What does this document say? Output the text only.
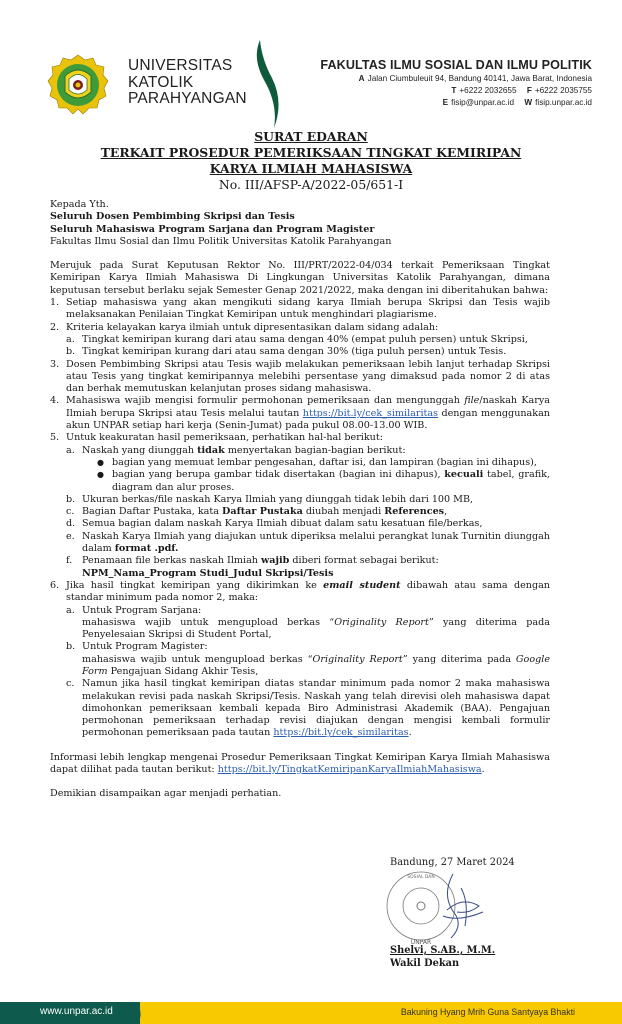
UNIVERSITAS
KATOLIK
PARAHYANGAN
FAKULTAS ILMU SOSIAL DAN ILMU POLITIK
A Jalan Ciumbuleuit 94, Bandung 40141, Jawa Barat, Indonesia
T +6222 2032655 F +6222 2035755
E fisip@unpar.ac.id W fisip.unpar.ac.id
SURAT EDARAN
TERKAIT PROSEDUR PEMERIKSAAN TINGKAT KEMIRIPAN
KARYA ILMIAH MAHASISWA
No. III/AFSP-A/2022-05/651-I

Kepada Yth.

Seluruh Dosen Pembimbing Skripsi dan Tesis

Seluruh Mahasiswa Program Sarjana dan Program Magister

Fakultas Ilmu Sosial dan Ilmu Politik Universitas Katolik Parahyangan

Merujuk pada Surat Keputusan Rektor No. III/PRT/2022-04/034 terkait Pemeriksaan Tingkat Kemiripan Karya Ilmiah Mahasiswa Di Lingkungan Universitas Katolik Parahyangan, dimana keputusan tersebut berlaku sejak Semester Genap 2021/2022, maka dengan ini diberitahukan bahwa:

1. Setiap mahasiswa yang akan mengikuti sidang karya Ilmiah berupa Skripsi dan Tesis wajib melaksanakan Penilaian Tingkat Kemiripan untuk menghindari plagiarisme.
2. Kriteria kelayakan karya ilmiah untuk dipresentasikan dalam sidang adalah:
a. Tingkat kemiripan kurang dari atau sama dengan 40% (empat puluh persen) untuk Skripsi,
b. Tingkat kemiripan kurang dari atau sama dengan 30% (tiga puluh persen) untuk Tesis.
3. Dosen Pembimbing Skripsi atau Tesis wajib melakukan pemeriksaan lebih lanjut terhadap Skripsi atau Tesis yang tingkat kemiripannya melebihi persentase yang dimaksud pada nomor 2 di atas dan berhak memutuskan kelanjutan proses sidang mahasiswa.
4. Mahasiswa wajib mengisi formulir permohonan pemeriksaan dan mengunggah file/naskah Karya Ilmiah berupa Skripsi atau Tesis melalui tautan https://bit.ly/cek_similaritas dengan menggunakan akun UNPAR setiap hari kerja (Senin-Jumat) pada pukul 08.00-13.00 WIB.
5. Untuk keakuratan hasil pemeriksaan, perhatikan hal-hal berikut:
a. Naskah yang diunggah tidak menyertakan bagian-bagian berikut:
● bagian yang memuat lembar pengesahan, daftar isi, dan lampiran (bagian ini dihapus),
● bagian yang berupa gambar tidak disertakan (bagian ini dihapus), kecuali tabel, grafik, diagram dan alur proses.
b. Ukuran berkas/file naskah Karya Ilmiah yang diunggah tidak lebih dari 100 MB,
c. Bagian Daftar Pustaka, kata Daftar Pustaka diubah menjadi References,
d. Semua bagian dalam naskah Karya Ilmiah dibuat dalam satu kesatuan file/berkas,
e. Naskah Karya Ilmiah yang diajukan untuk diperiksa melalui perangkat lunak Turnitin diunggah dalam format .pdf.
f. Penamaan file berkas naskah Ilmiah wajib diberi format sebagai berikut:
NPM_Nama_Program Studi_Judul Skripsi/Tesis
6. Jika hasil tingkat kemiripan yang dikirimkan ke email student dibawah atau sama dengan standar minimum pada nomor 2, maka:
a. Untuk Program Sarjana:
mahasiswa wajib untuk mengupload berkas “Originality Report” yang diterima pada Penyelesaian Skripsi di Student Portal,
b. Untuk Program Magister:
mahasiswa wajib untuk mengupload berkas “Originality Report” yang diterima pada Google Form Pengajuan Sidang Akhir Tesis,
c. Namun jika hasil tingkat kemiripan diatas standar minimum pada nomor 2 maka mahasiswa melakukan revisi pada naskah Skripsi/Tesis. Naskah yang telah direvisi oleh mahasiswa dapat dimohonkan pemeriksaan kembali kepada Biro Administrasi Akademik (BAA). Pengajuan permohonan pemeriksaan terhadap revisi diajukan dengan mengisi kembali formulir permohonan pemeriksaan pada tautan https://bit.ly/cek_similaritas.

Informasi lebih lengkap mengenai Prosedur Pemeriksaan Tingkat Kemiripan Karya Ilmiah Mahasiswa dapat dilihat pada tautan berikut: https://bit.ly/TingkatKemiripanKaryaIlmiahMahasiswa.

Demikian disampaikan agar menjadi perhatian.

Bandung, 27 Maret 2024
UNPAR
SOSIAL DAN
Shelvi, S.AB., M.M.
Wakil Dekan
www.unpar.ac.id	Bakuning Hyang Mrih Guna Santyaya Bhakti
